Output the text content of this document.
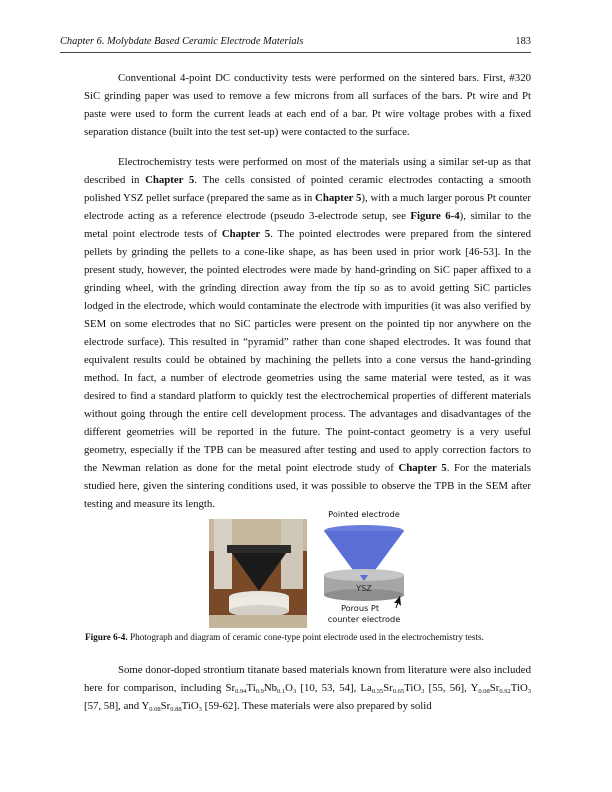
Chapter 6. Molybdate Based Ceramic Electrode Materials	183

Conventional 4-point DC conductivity tests were performed on the sintered bars. First, #320 SiC grinding paper was used to remove a few microns from all surfaces of the bars. Pt wire and Pt paste were used to form the current leads at each end of a bar. Pt wire voltage probes with a fixed separation distance (built into the test set-up) were contacted to the surface.

Electrochemistry tests were performed on most of the materials using a similar set-up as that described in Chapter 5. The cells consisted of pointed ceramic electrodes contacting a smooth polished YSZ pellet surface (prepared the same as in Chapter 5), with a much larger porous Pt counter electrode acting as a reference electrode (pseudo 3-electrode setup, see Figure 6-4), similar to the metal point electrode tests of Chapter 5. The pointed electrodes were prepared from the sintered pellets by grinding the pellets to a cone-like shape, as has been used in prior work [46-53]. In the present study, however, the pointed electrodes were made by hand-grinding on SiC paper affixed to a grinding wheel, with the grinding direction away from the tip so as to avoid getting SiC particles lodged in the electrode, which would contaminate the electrode with impurities (it was also verified by SEM on some electrodes that no SiC particles were present on the pointed tip nor anywhere on the electrode surface). This resulted in “pyramid” rather than cone shaped electrodes. It was found that equivalent results could be obtained by machining the pellets into a cone versus the hand-grinding method. In fact, a number of electrode geometries using the same material were tested, as it was desired to find a standard platform to quickly test the electrochemical properties of different materials without going through the entire cell development process. The advantages and disadvantages of the different geometries will be reported in the future. The point-contact geometry is a very useful geometry, especially if the TPB can be measured after testing and used to apply correction factors to the Newman relation as done for the metal point electrode study of Chapter 5. For the materials studied here, given the sintering conditions used, it was possible to observe the TPB in the SEM after testing and measure its length.

Pointed electrode
YSZ
Porous Pt
counter electrode
Figure 6-4. Photograph and diagram of ceramic cone-type point electrode used in the electrochemistry tests.

Some donor-doped strontium titanate based materials known from literature were also included here for comparison, including $Sr_{0.94}Ti_{0.9}Nb_{0.1}O_3$ [10, 53, 54], $La_{0.35}Sr_{0.65}TiO_3$ [55, 56], $Y_{0.08}Sr_{0.92}TiO_3$ [57, 58], and $Y_{0.08}Sr_{0.88}TiO_3$ [59-62]. These materials were also prepared by solid
